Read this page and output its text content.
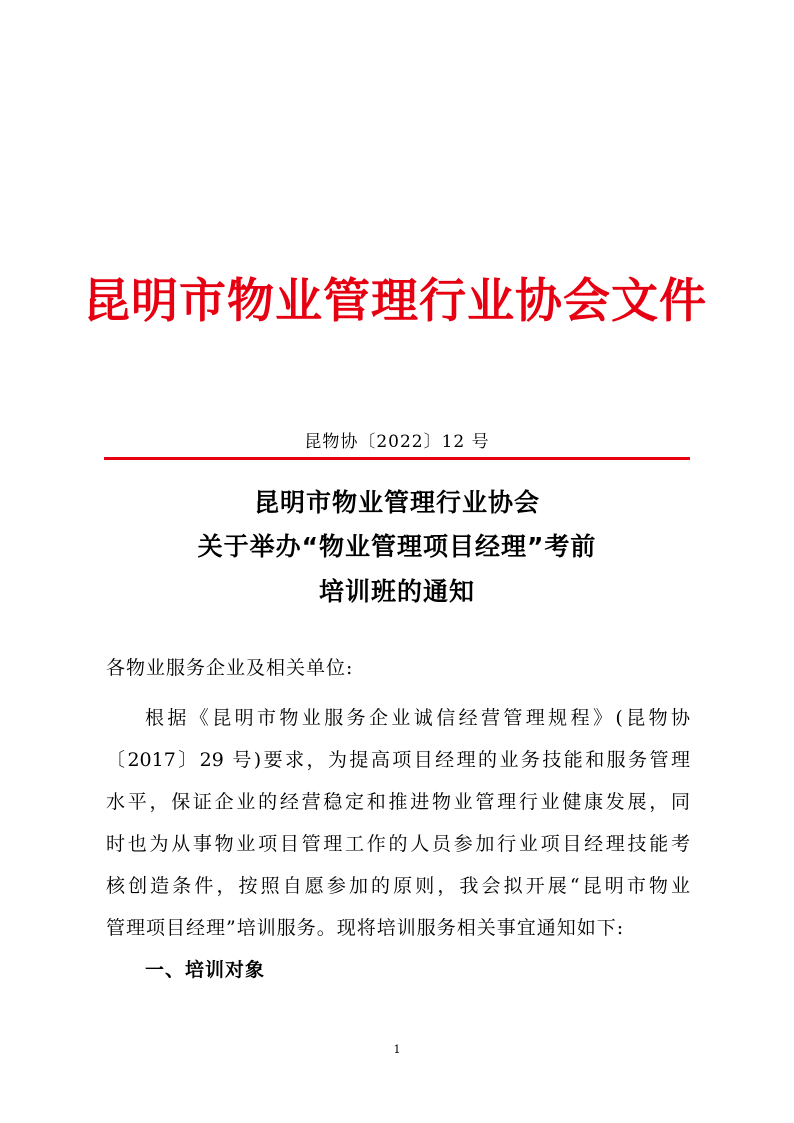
昆明市物业管理行业协会文件
昆物协〔2022〕12 号
昆明市物业管理行业协会
关于举办“物业管理项目经理”考前
培训班的通知
各物业服务企业及相关单位:
根据《昆明市物业服务企业诚信经营管理规程》(昆物协
〔2017〕29 号)要求，为提高项目经理的业务技能和服务管理
水平，保证企业的经营稳定和推进物业管理行业健康发展，同
时也为从事物业项目管理工作的人员参加行业项目经理技能考
核创造条件，按照自愿参加的原则，我会拟开展“昆明市物业
管理项目经理”培训服务。现将培训服务相关事宜通知如下:
一、培训对象
1
